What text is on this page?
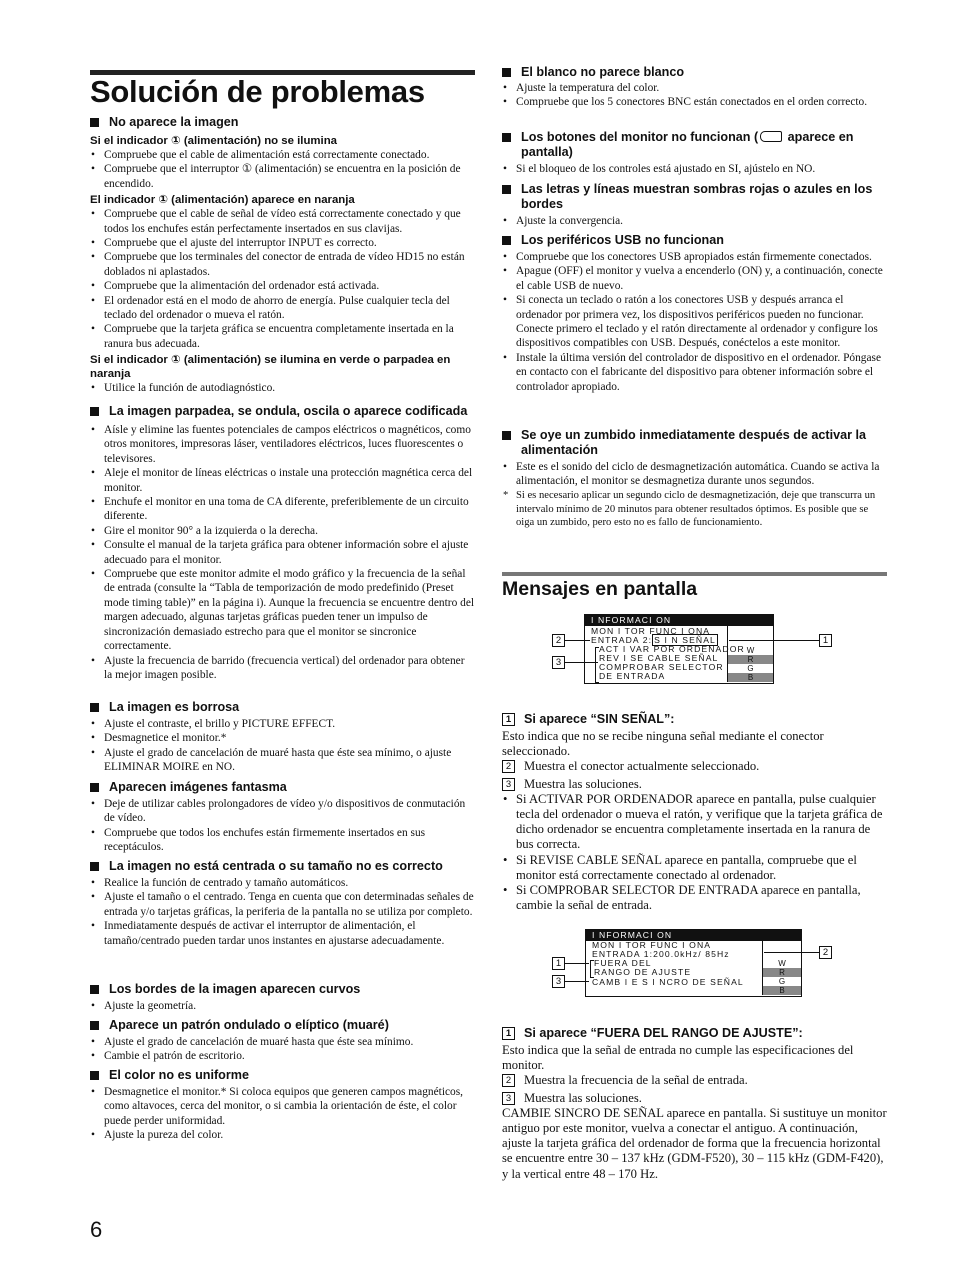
Solución de problemas
No aparece la imagen
Si el indicador ① (alimentación) no se ilumina
• Compruebe que el cable de alimentación está correctamente conectado.
• Compruebe que el interruptor ① (alimentación) se encuentra en la posición de encendido.
El indicador ① (alimentación) aparece en naranja
• Compruebe que el cable de señal de vídeo está correctamente conectado y que todos los enchufes están perfectamente insertados en sus clavijas.
• Compruebe que el ajuste del interruptor INPUT es correcto.
• Compruebe que los terminales del conector de entrada de vídeo HD15 no están doblados ni aplastados.
• Compruebe que la alimentación del ordenador está activada.
• El ordenador está en el modo de ahorro de energía. Pulse cualquier tecla del teclado del ordenador o mueva el ratón.
• Compruebe que la tarjeta gráfica se encuentra completamente insertada en la ranura bus adecuada.
Si el indicador ① (alimentación) se ilumina en verde o parpadea en naranja
• Utilice la función de autodiagnóstico.
La imagen parpadea, se ondula, oscila o aparece codificada
• Aísle y elimine las fuentes potenciales de campos eléctricos o magnéticos, como otros monitores, impresoras láser, ventiladores eléctricos, luces fluorescentes o televisores.
• Aleje el monitor de líneas eléctricas o instale una protección magnética cerca del monitor.
• Enchufe el monitor en una toma de CA diferente, preferiblemente de un circuito diferente.
• Gire el monitor 90° a la izquierda o la derecha.
• Consulte el manual de la tarjeta gráfica para obtener información sobre el ajuste adecuado para el monitor.
• Compruebe que este monitor admite el modo gráfico y la frecuencia de la señal de entrada (consulte la “Tabla de temporización de modo predefinido (Preset mode timing table)” en la página i). Aunque la frecuencia se encuentre dentro del margen adecuado, algunas tarjetas gráficas pueden tener un impulso de sincronización demasiado estrecho para que el monitor se sincronice correctamente.
• Ajuste la frecuencia de barrido (frecuencia vertical) del ordenador para obtener la mejor imagen posible.
La imagen es borrosa
• Ajuste el contraste, el brillo y PICTURE EFFECT.
• Desmagnetice el monitor.*
• Ajuste el grado de cancelación de muaré hasta que éste sea mínimo, o ajuste ELIMINAR MOIRE en NO.
Aparecen imágenes fantasma
• Deje de utilizar cables prolongadores de vídeo y/o dispositivos de conmutación de vídeo.
• Compruebe que todos los enchufes están firmemente insertados en sus receptáculos.
La imagen no está centrada o su tamaño no es correcto
• Realice la función de centrado y tamaño automáticos.
• Ajuste el tamaño o el centrado. Tenga en cuenta que con determinadas señales de entrada y/o tarjetas gráficas, la periferia de la pantalla no se utiliza por completo.
• Inmediatamente después de activar el interruptor de alimentación, el tamaño/centrado pueden tardar unos instantes en ajustarse adecuadamente.
Los bordes de la imagen aparecen curvos
• Ajuste la geometría.
Aparece un patrón ondulado o elíptico (muaré)
• Ajuste el grado de cancelación de muaré hasta que éste sea mínimo.
• Cambie el patrón de escritorio.
El color no es uniforme
• Desmagnetice el monitor.* Si coloca equipos que generen campos magnéticos, como altavoces, cerca del monitor, o si cambia la orientación de éste, el color puede perder uniformidad.
• Ajuste la pureza del color.
El blanco no parece blanco
• Ajuste la temperatura del color.
• Compruebe que los 5 conectores BNC están conectados en el orden correcto.
Los botones del monitor no funcionan ( aparece en pantalla)
• Si el bloqueo de los controles está ajustado en SI, ajústelo en NO.
Las letras y líneas muestran sombras rojas o azules en los bordes
• Ajuste la convergencia.
Los periféricos USB no funcionan
• Compruebe que los conectores USB apropiados están firmemente conectados.
• Apague (OFF) el monitor y vuelva a encenderlo (ON) y, a continuación, conecte el cable USB de nuevo.
• Si conecta un teclado o ratón a los conectores USB y después arranca el ordenador por primera vez, los dispositivos periféricos pueden no funcionar. Conecte primero el teclado y el ratón directamente al ordenador y configure los dispositivos compatibles con USB. Después, conéctelos a este monitor.
• Instale la última versión del controlador de dispositivo en el ordenador. Póngase en contacto con el fabricante del dispositivo para obtener información sobre el controlador apropiado.
Se oye un zumbido inmediatamente después de activar la alimentación
• Este es el sonido del ciclo de desmagnetización automática. Cuando se activa la alimentación, el monitor se desmagnetiza durante unos segundos.
* Si es necesario aplicar un segundo ciclo de desmagnetización, deje que transcurra un intervalo mínimo de 20 minutos para obtener resultados óptimos. Es posible que se oiga un zumbido, pero esto no es fallo de funcionamiento.
Mensajes en pantalla
I NFORMACI ON
MON I TOR FUNC I ONA
ENTRADA 2: S I N SEÑAL
ACT I VAR POR ORDENADOR
REV I SE CABLE SEÑAL
COMPROBAR SELECTOR
DE ENTRADA
W
R
G
B
2
3
1
1 Si aparece “SIN SEÑAL”:

Esto indica que no se recibe ninguna señal mediante el conector seleccionado.

2 Muestra el conector actualmente seleccionado.

3 Muestra las soluciones.

• Si ACTIVAR POR ORDENADOR aparece en pantalla, pulse cualquier tecla del ordenador o mueva el ratón, y verifique que la tarjeta gráfica de dicho ordenador se encuentra completamente insertada en la ranura de bus correcta.
• Si REVISE CABLE SEÑAL aparece en pantalla, compruebe que el monitor está correctamente conectado al ordenador.
• Si COMPROBAR SELECTOR DE ENTRADA aparece en pantalla, cambie la señal de entrada.
I NFORMACI ON
MON I TOR FUNC I ONA
ENTRADA 1:200.0kHz/ 85Hz
FUERA DEL
RANGO DE AJUSTE
CAMB I E S I NCRO DE SEÑAL
W
R
G
B
1
3
2
1 Si aparece “FUERA DEL RANGO DE AJUSTE”:

Esto indica que la señal de entrada no cumple las especificaciones del monitor.

2 Muestra la frecuencia de la señal de entrada.

3 Muestra las soluciones.

CAMBIE SINCRO DE SEÑAL aparece en pantalla. Si sustituye un monitor antiguo por este monitor, vuelva a conectar el antiguo. A continuación, ajuste la tarjeta gráfica del ordenador de forma que la frecuencia horizontal se encuentre entre 30 – 137 kHz (GDM-F520), 30 – 115 kHz (GDM-F420), y la vertical entre 48 – 170 Hz.

6
